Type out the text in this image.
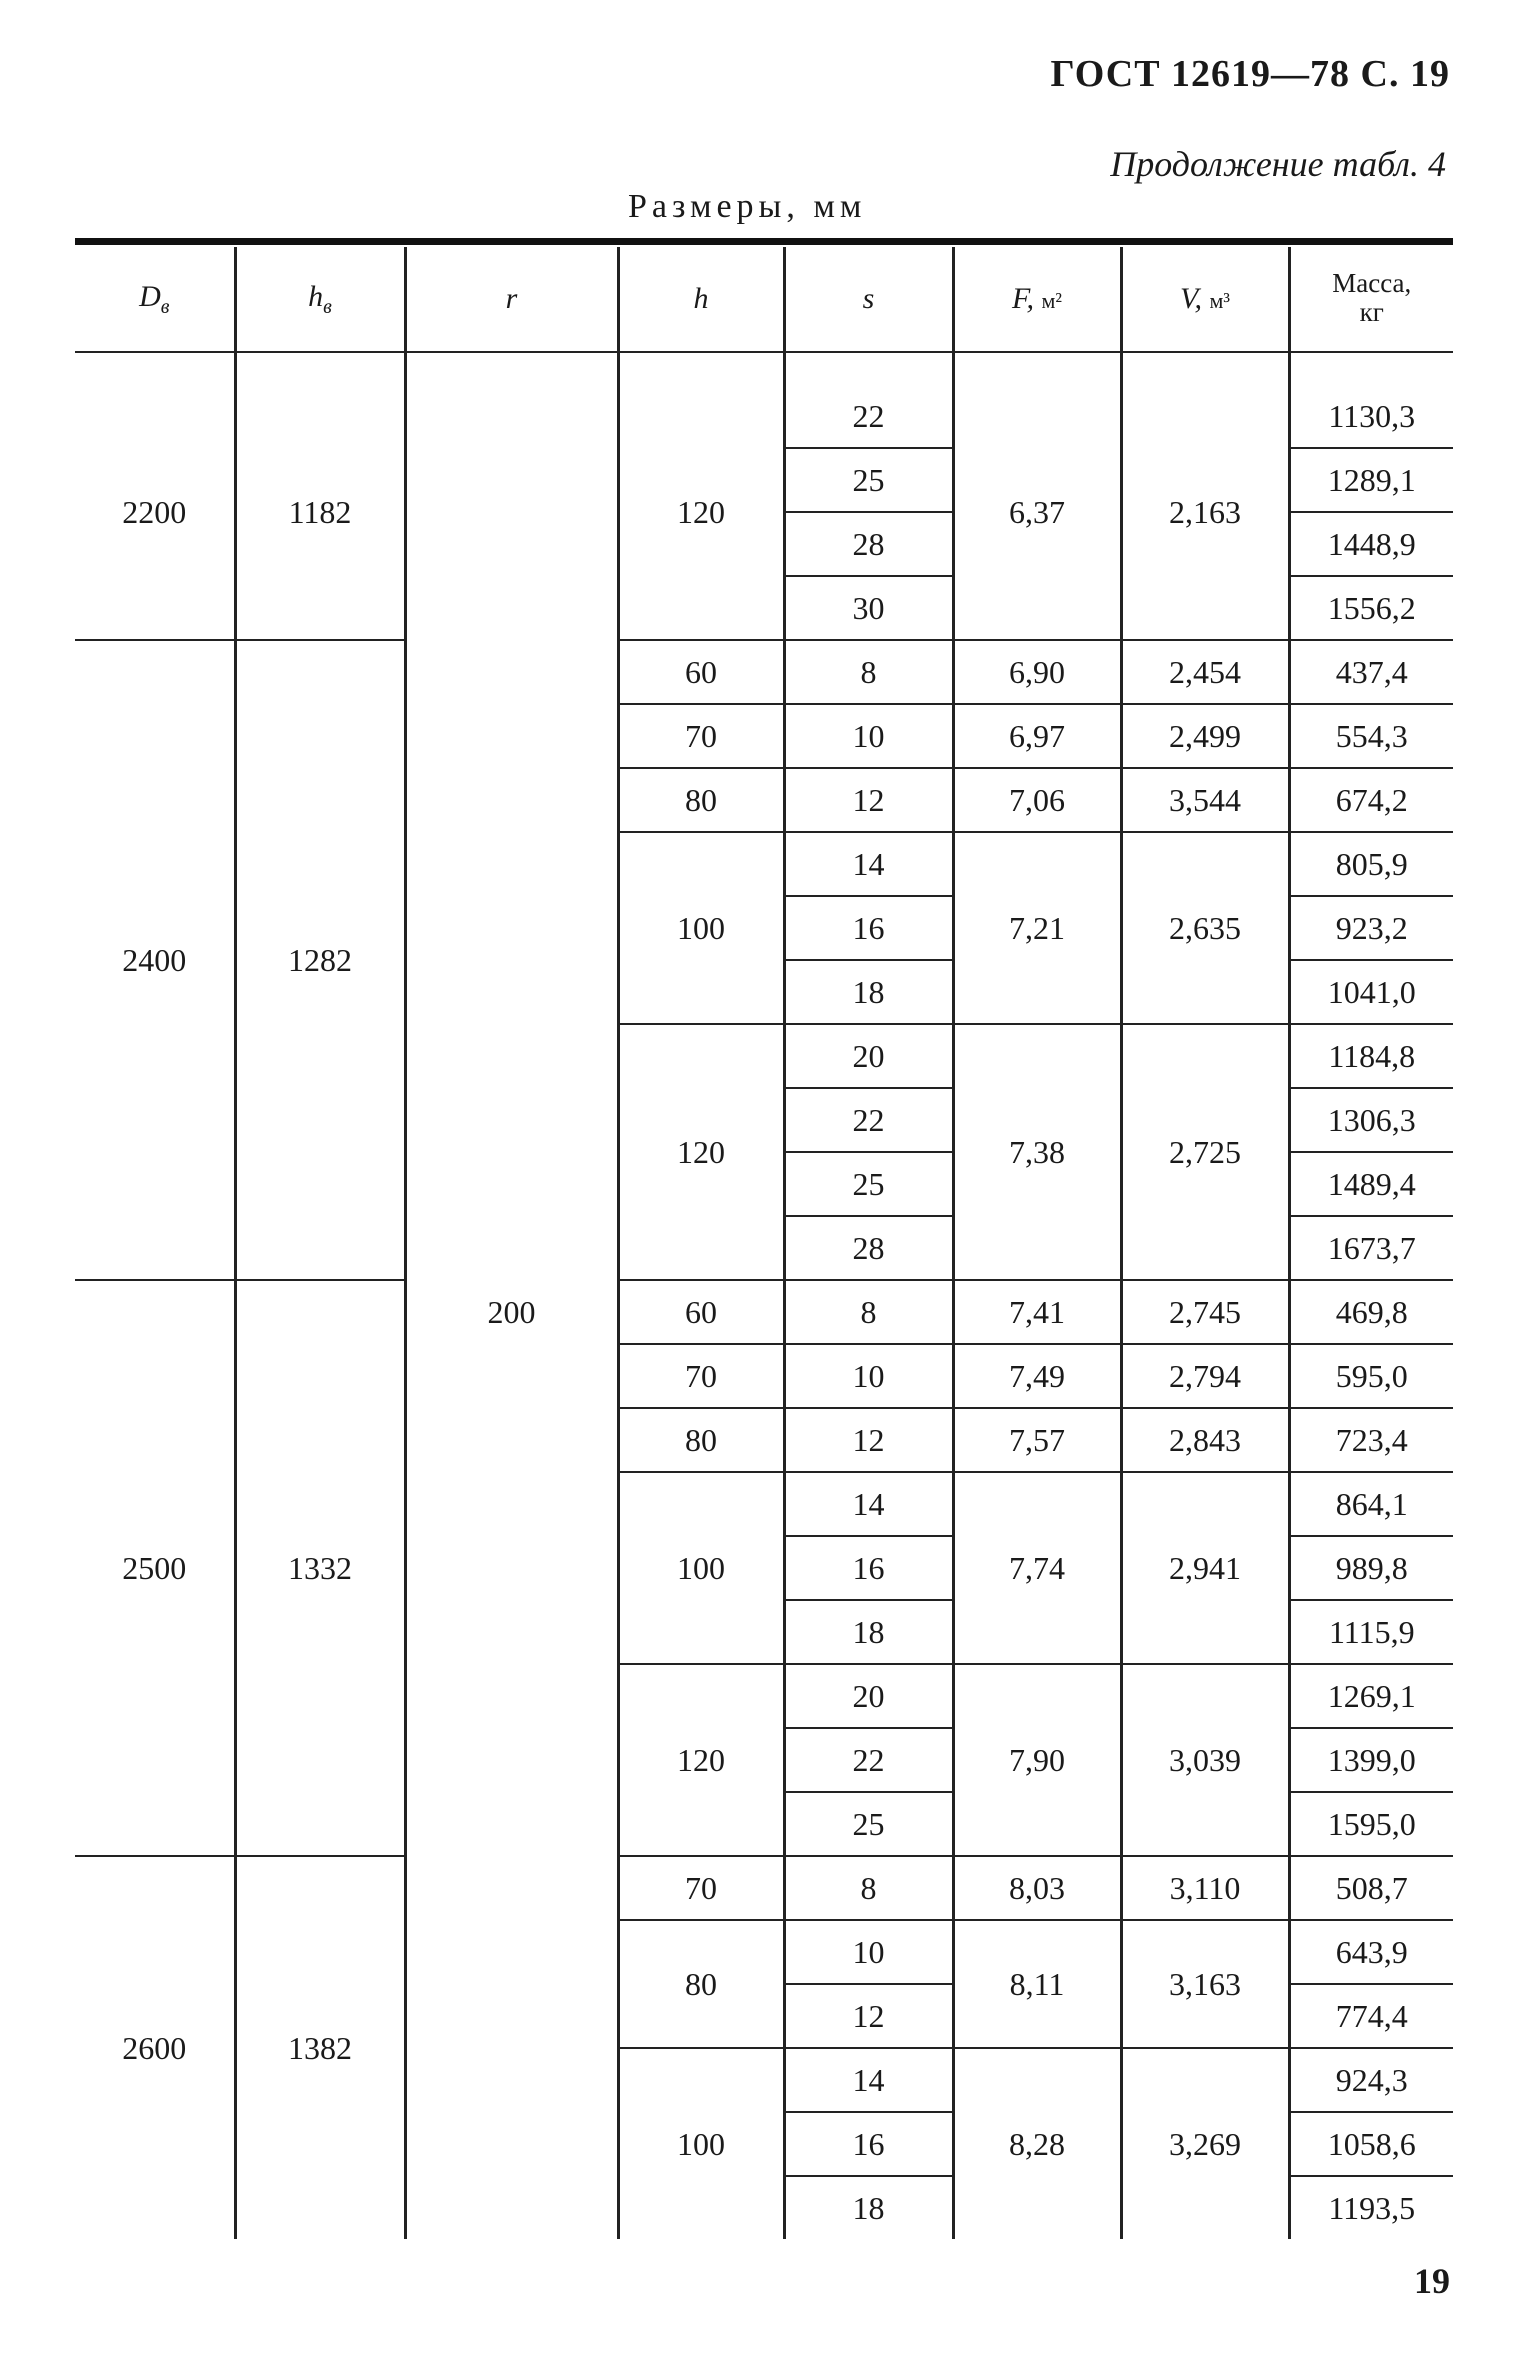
ГОСТ 12619—78 С. 19
Продолжение табл. 4
Размеры, мм
$D_в$	$h_в$	r	h	s	F, м²	V, м³	Масса,
кг

2200	1182	200	120	22	6,37	2,163	1130,3
				25			1289,1
				28			1448,9
				30			1556,2
2400	1282		60	8	6,90	2,454	437,4
			70	10	6,97	2,499	554,3
			80	12	7,06	3,544	674,2
			100	14	7,21	2,635	805,9
				16			923,2
				18			1041,0
			120	20	7,38	2,725	1184,8
				22			1306,3
				25			1489,4
				28			1673,7
2500	1332		60	8	7,41	2,745	469,8
			70	10	7,49	2,794	595,0
			80	12	7,57	2,843	723,4
			100	14	7,74	2,941	864,1
				16			989,8
				18			1115,9
			120	20	7,90	3,039	1269,1
				22			1399,0
				25			1595,0
2600	1382		70	8	8,03	3,110	508,7
			80	10	8,11	3,163	643,9
				12			774,4
			100	14	8,28	3,269	924,3
				16			1058,6
				18			1193,5
19
